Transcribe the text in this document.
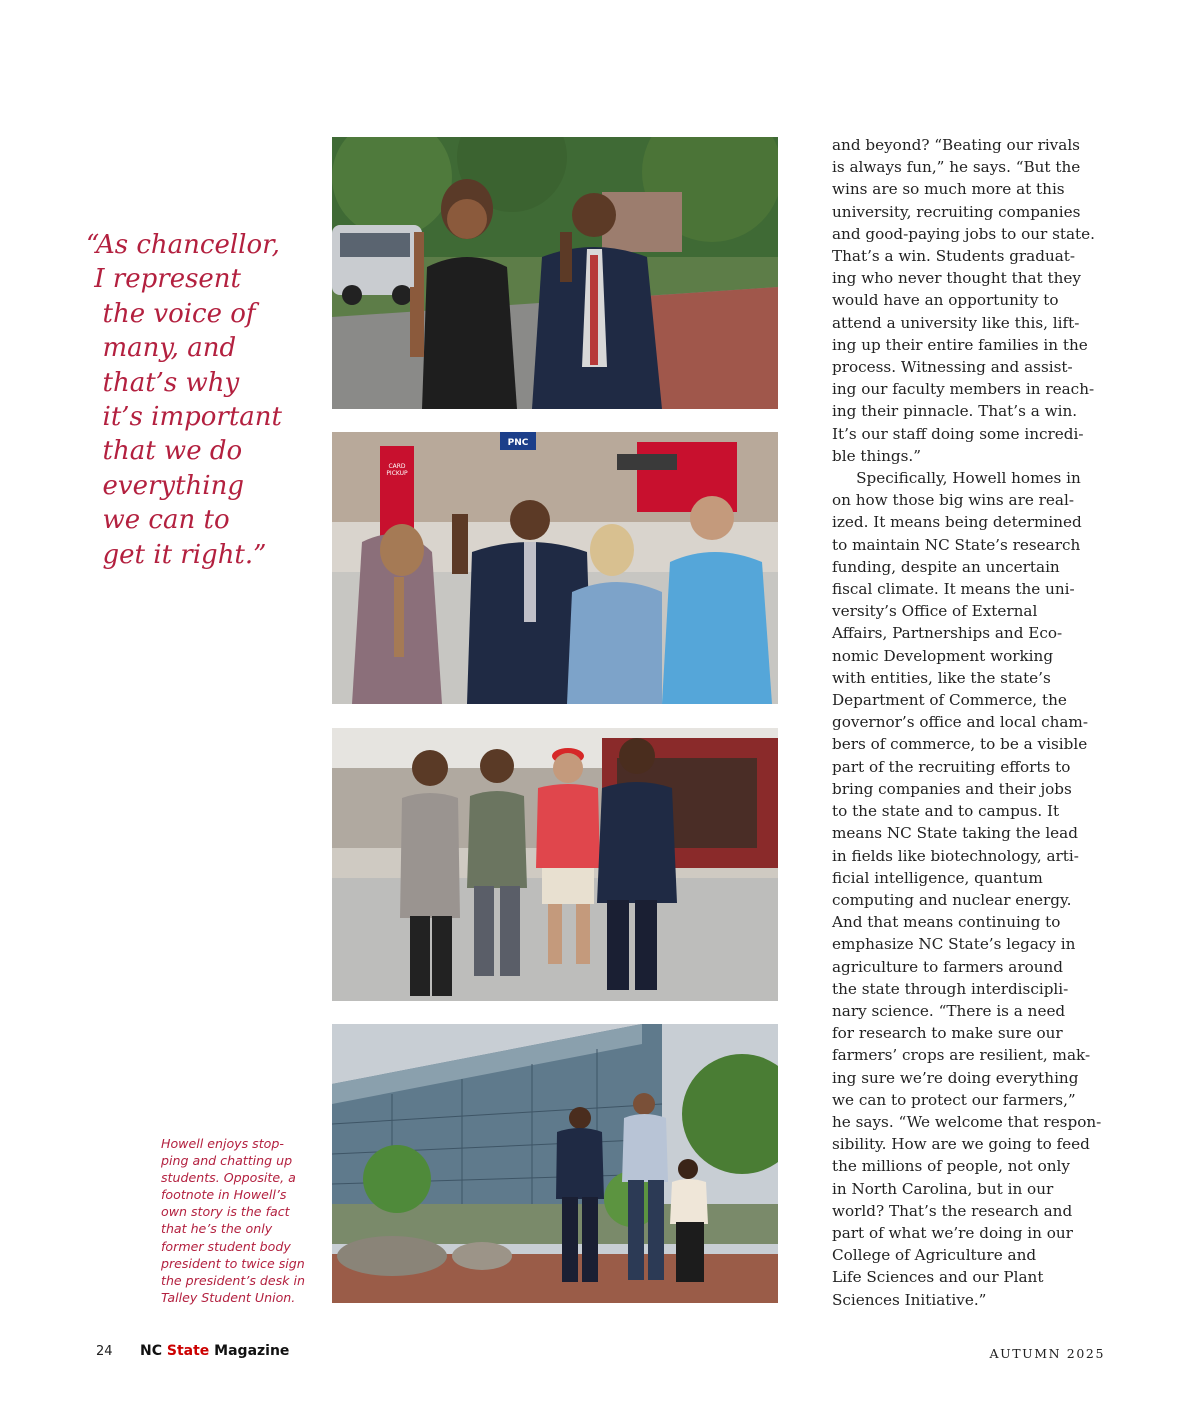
“As chancellor,
I represent
the voice of
many, and
that’s why
it’s important
that we do
everything
we can to
get it right.”
CARD PICKUP
PNC
Howell enjoys stop-
ping and chatting up
students. Opposite, a
footnote in Howell’s
own story is the fact
that he’s the only
former student body
president to twice sign
the president’s desk in
Talley Student Union.
and beyond? “Beating our rivals
is always fun,” he says. “But the
wins are so much more at this
university, recruiting companies
and good-paying jobs to our state.
That’s a win. Students graduat-
ing who never thought that they
would have an opportunity to
attend a university like this, lift-
ing up their entire families in the
process. Witnessing and assist-
ing our faculty members in reach-
ing their pinnacle. That’s a win.
It’s our staff doing some incredi-
ble things.”
Specifically, Howell homes in
on how those big wins are real-
ized. It means being determined
to maintain NC State’s research
funding, despite an uncertain
fiscal climate. It means the uni-
versity’s Office of External
Affairs, Partnerships and Eco-
nomic Development working
with entities, like the state’s
Department of Commerce, the
governor’s office and local cham-
bers of commerce, to be a visible
part of the recruiting efforts to
bring companies and their jobs
to the state and to campus. It
means NC State taking the lead
in fields like biotechnology, arti-
ficial intelligence, quantum
computing and nuclear energy.
And that means continuing to
emphasize NC State’s legacy in
agriculture to farmers around
the state through interdiscipli-
nary science. “There is a need
for research to make sure our
farmers’ crops are resilient, mak-
ing sure we’re doing everything
we can to protect our farmers,”
he says. “We welcome that respon-
sibility. How are we going to feed
the millions of people, not only
in North Carolina, but in our
world? That’s the research and
part of what we’re doing in our
College of Agriculture and
Life Sciences and our Plant
Sciences Initiative.”
24 NC State Magazine	AUTUMN 2025
